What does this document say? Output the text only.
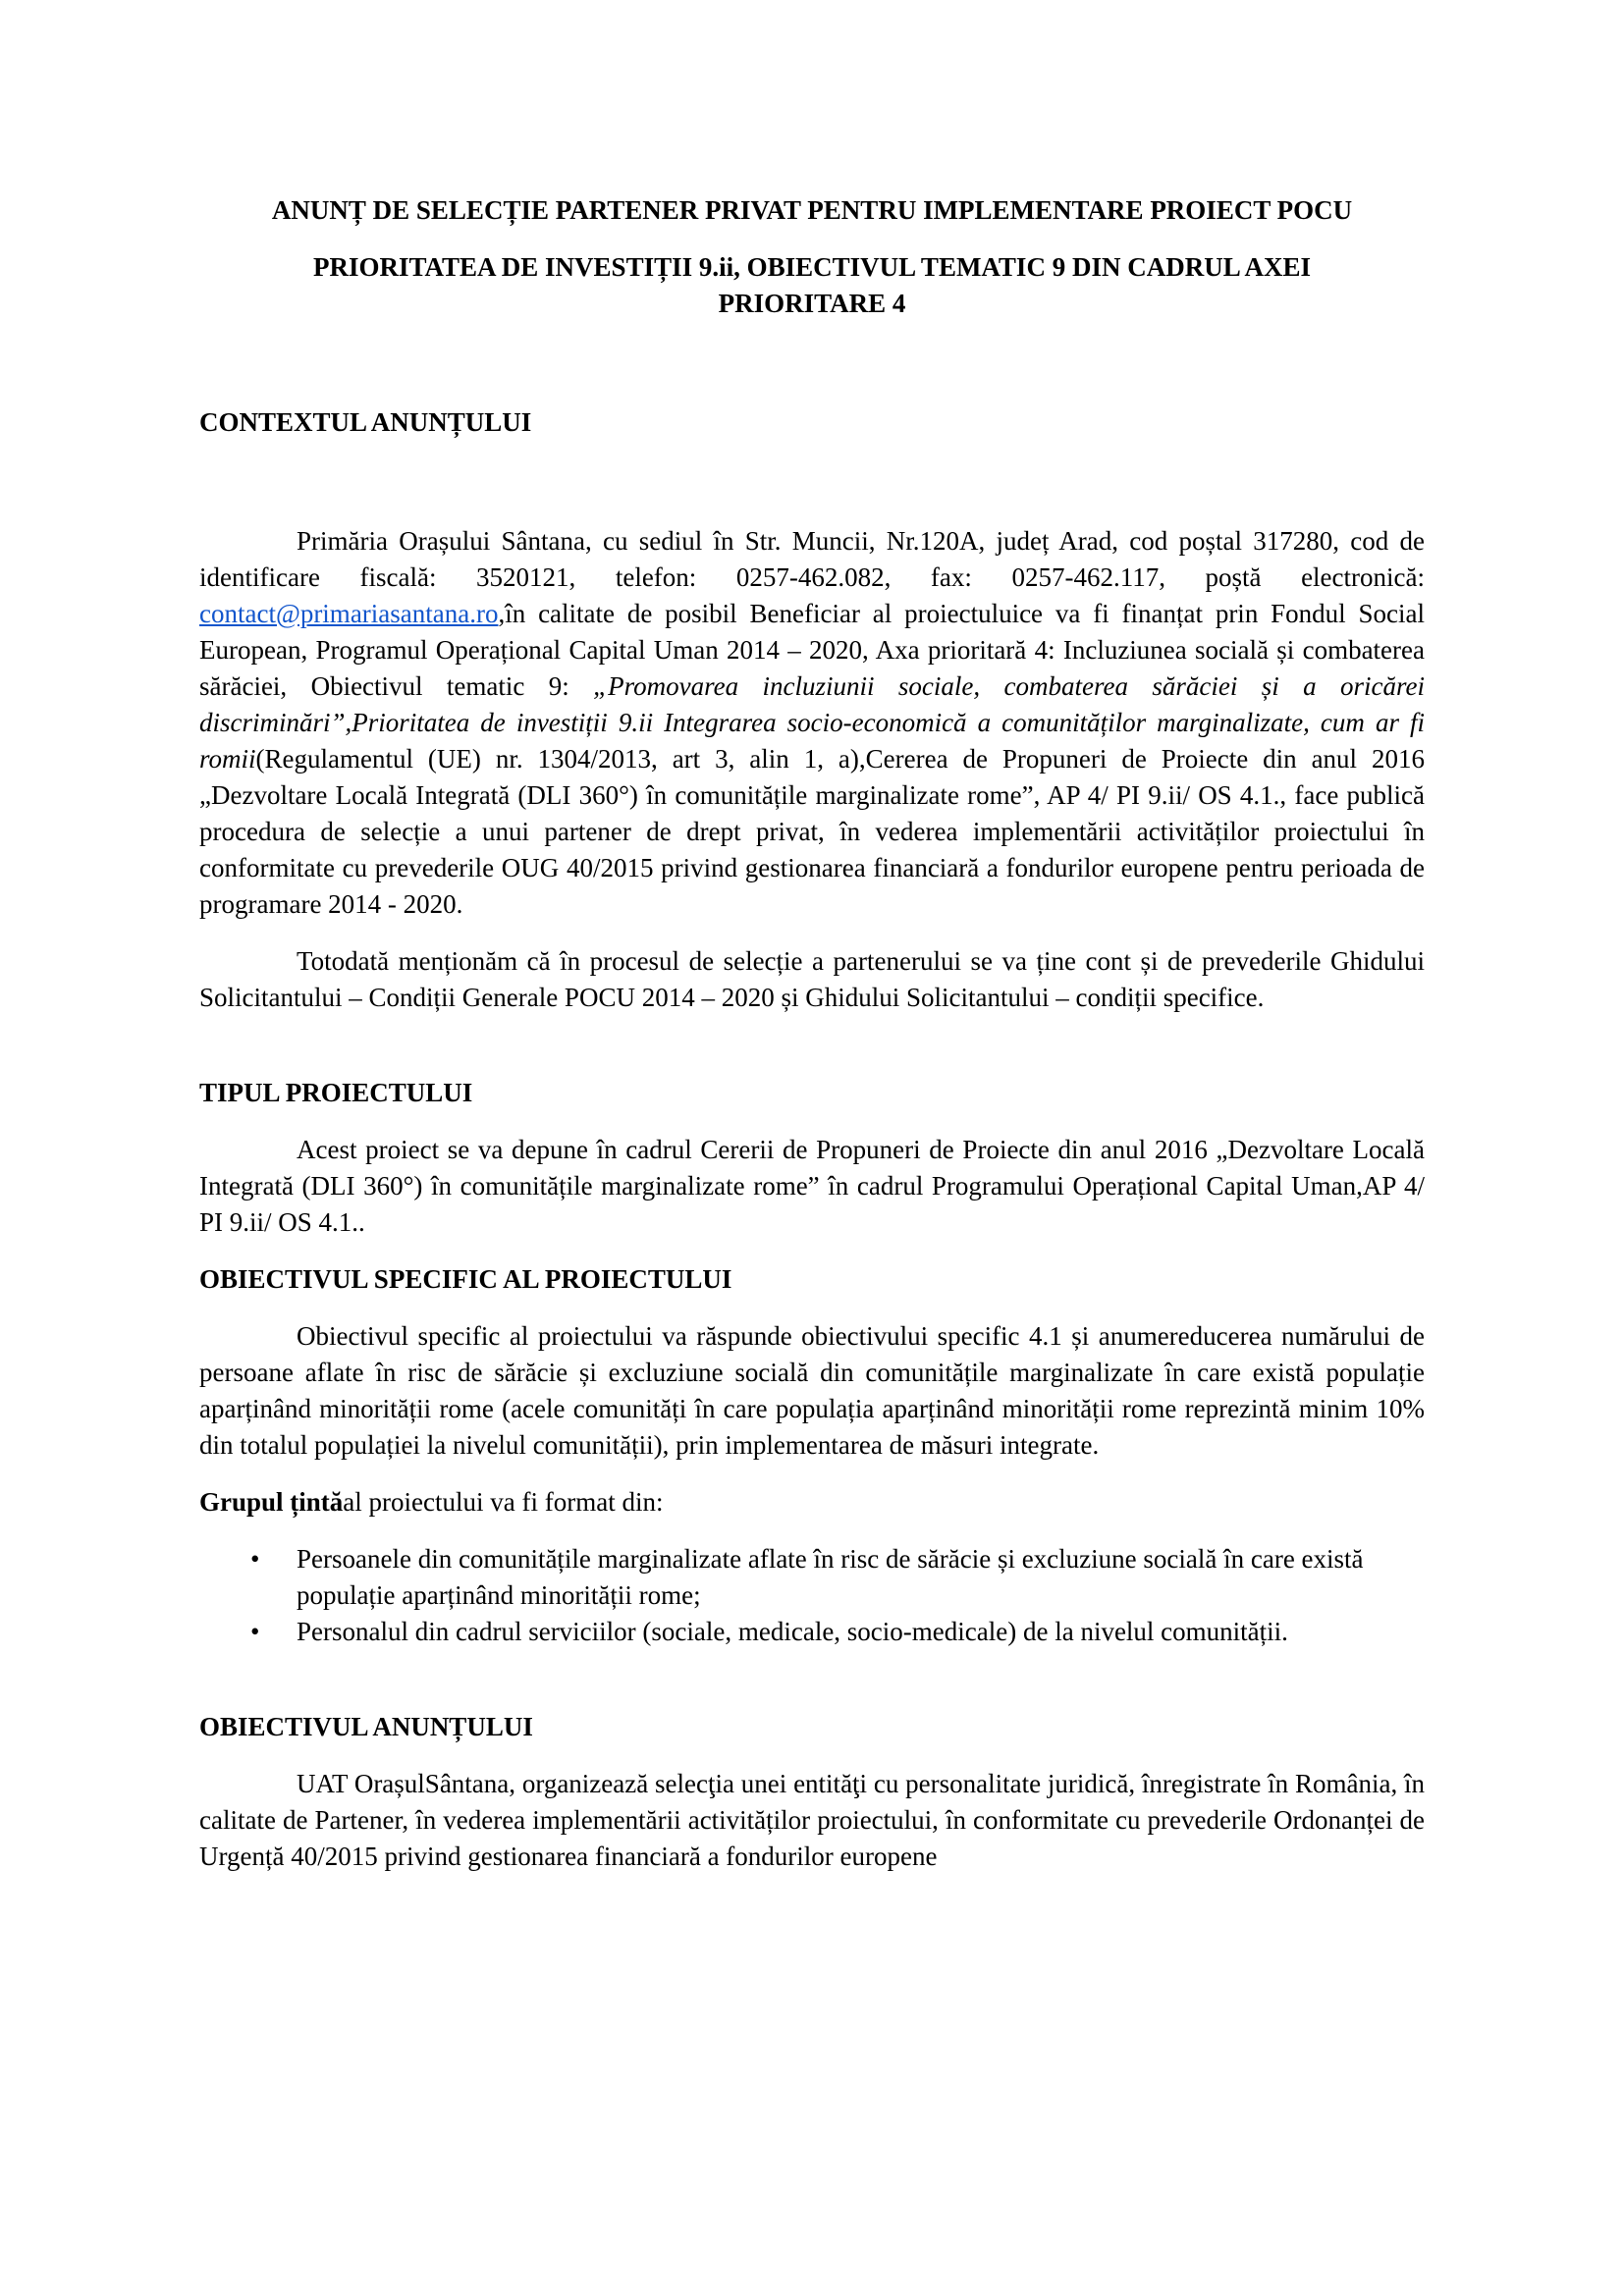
ANUNȚ DE SELECȚIE PARTENER PRIVAT PENTRU IMPLEMENTARE PROIECT POCU

PRIORITATEA DE INVESTIȚII 9.ii, OBIECTIVUL TEMATIC 9 DIN CADRUL AXEI

PRIORITARE 4

CONTEXTUL ANUNȚULUI

Primăria Orașului Sântana, cu sediul în Str. Muncii, Nr.120A, județ Arad, cod poștal 317280, cod de identificare fiscală: 3520121, telefon: 0257-462.082, fax: 0257-462.117, poștă electronică: contact@primariasantana.ro,în calitate de posibil Beneficiar al proiectuluice va fi finanțat prin Fondul Social European, Programul Operațional Capital Uman 2014 – 2020, Axa prioritară 4: Incluziunea socială și combaterea sărăciei, Obiectivul tematic 9: „Promovarea incluziunii sociale, combaterea sărăciei și a oricărei discriminări”,Prioritatea de investiții 9.ii Integrarea socio-economică a comunităților marginalizate, cum ar fi romii(Regulamentul (UE) nr. 1304/2013, art 3, alin 1, a),Cererea de Propuneri de Proiecte din anul 2016 „Dezvoltare Locală Integrată (DLI 360°) în comunitățile marginalizate rome”, AP 4/ PI 9.ii/ OS 4.1., face publică procedura de selecție a unui partener de drept privat, în vederea implementării activităților proiectului în conformitate cu prevederile OUG 40/2015 privind gestionarea financiară a fondurilor europene pentru perioada de programare 2014 - 2020.

Totodată menționăm că în procesul de selecție a partenerului se va ține cont și de prevederile Ghidului Solicitantului – Condiții Generale POCU 2014 – 2020 și Ghidului Solicitantului – condiții specifice.

TIPUL PROIECTULUI

Acest proiect se va depune în cadrul Cererii de Propuneri de Proiecte din anul 2016 „Dezvoltare Locală Integrată (DLI 360°) în comunitățile marginalizate rome” în cadrul Programului Operațional Capital Uman,AP 4/ PI 9.ii/ OS 4.1..

OBIECTIVUL SPECIFIC AL PROIECTULUI

Obiectivul specific al proiectului va răspunde obiectivului specific 4.1 și anumereducerea numărului de persoane aflate în risc de sărăcie și excluziune socială din comunitățile marginalizate în care există populație aparținând minorității rome (acele comunități în care populația aparținând minorității rome reprezintă minim 10% din totalul populației la nivelul comunității), prin implementarea de măsuri integrate.

Grupul țintăal proiectului va fi format din:

• Persoanele din comunitățile marginalizate aflate în risc de sărăcie și excluziune socială în care există populație aparținând minorității rome;
• Personalul din cadrul serviciilor (sociale, medicale, socio-medicale) de la nivelul comunității.
OBIECTIVUL ANUNȚULUI

UAT OrașulSântana, organizează selecţia unei entităţi cu personalitate juridică, înregistrate în România, în calitate de Partener, în vederea implementării activităților proiectului, în conformitate cu prevederile Ordonanței de Urgență 40/2015 privind gestionarea financiară a fondurilor europene
